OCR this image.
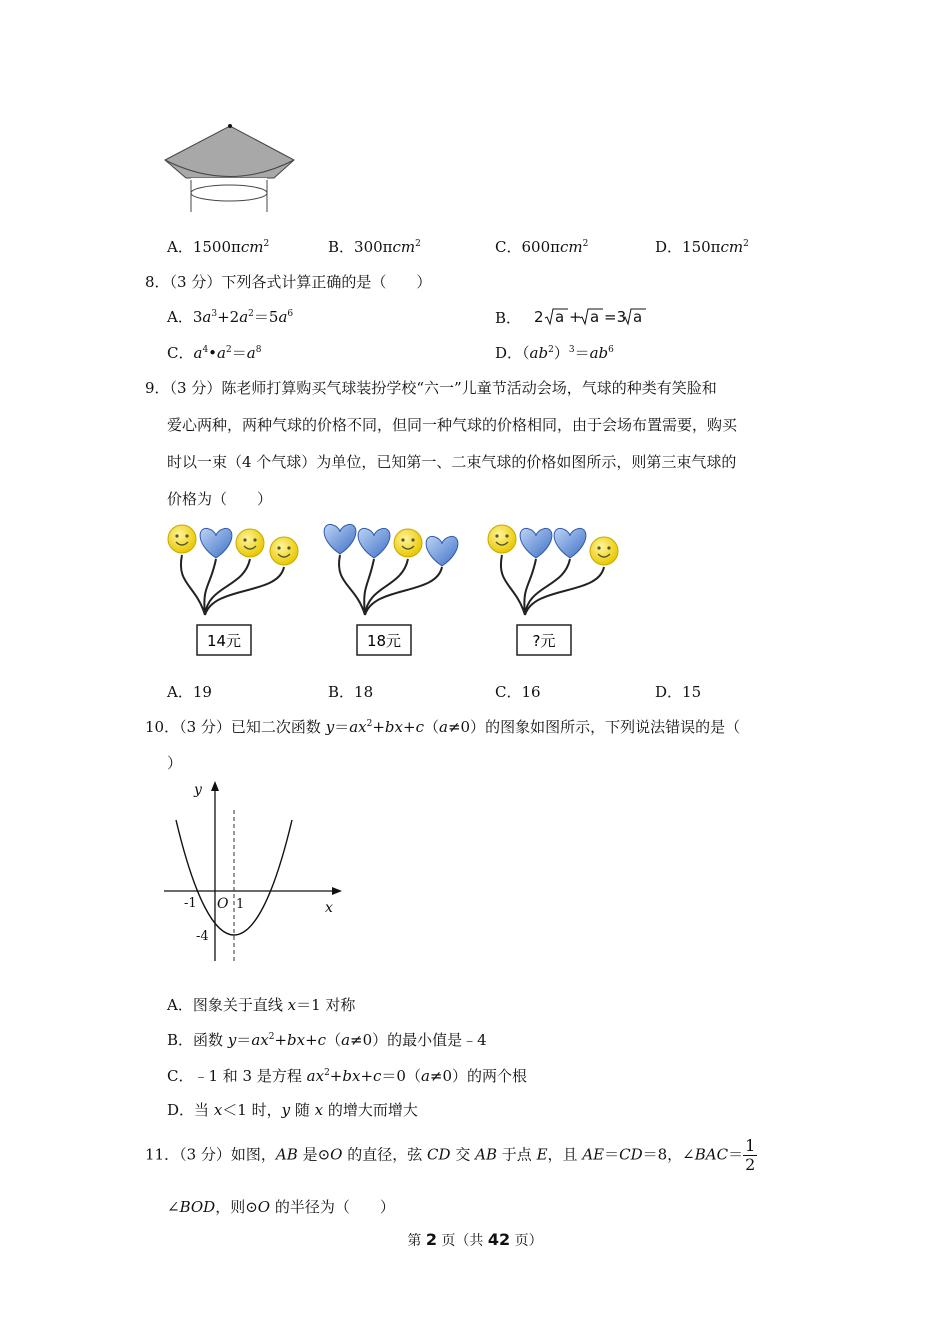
A．1500πcm$^2$	B．300πcm$^2$	C．600πcm$^2$	D．150πcm$^2$
8．（3 分）下列各式计算正确的是（　　）
A．$3a^3+2a^2=5a^6$	B． 2 a + a =3 a
C．$a^4•a^2=a^8$	D．$(ab^2)^3=ab^6$
9．（3 分）陈老师打算购买气球装扮学校“六一”儿童节活动会场，气球的种类有笑脸和
爱心两种，两种气球的价格不同，但同一种气球的价格相同，由于会场布置需要，购买
时以一束（4 个气球）为单位，已知第一、二束气球的价格如图所示，则第三束气球的
价格为（　　）
14元	18元	?元
A．19	B．18	C．16	D．15
10．（3 分）已知二次函数 $y=ax^2+bx+c(a\ne 0)$的图象如图所示，下列说法错误的是（
）
y
x
O
-1	1
-4
A．图象关于直线 x＝1 对称
B．函数 $y=ax^2+bx+c(a\ne 0)$的最小值是﹣4
C．﹣1 和 3 是方程 $ax^2+bx+c=0(a\ne 0)$的两个根
D．当 x＜1 时，y 随 x 的增大而增大
11．（3 分）如图，AB 是⊙O 的直径，弦 CD 交 AB 于点 E，且 AE＝CD＝8，∠BAC＝ $\frac{1}{2}$
∠BOD，则⊙O 的半径为（　　）
第 2 页（共 42 页）
